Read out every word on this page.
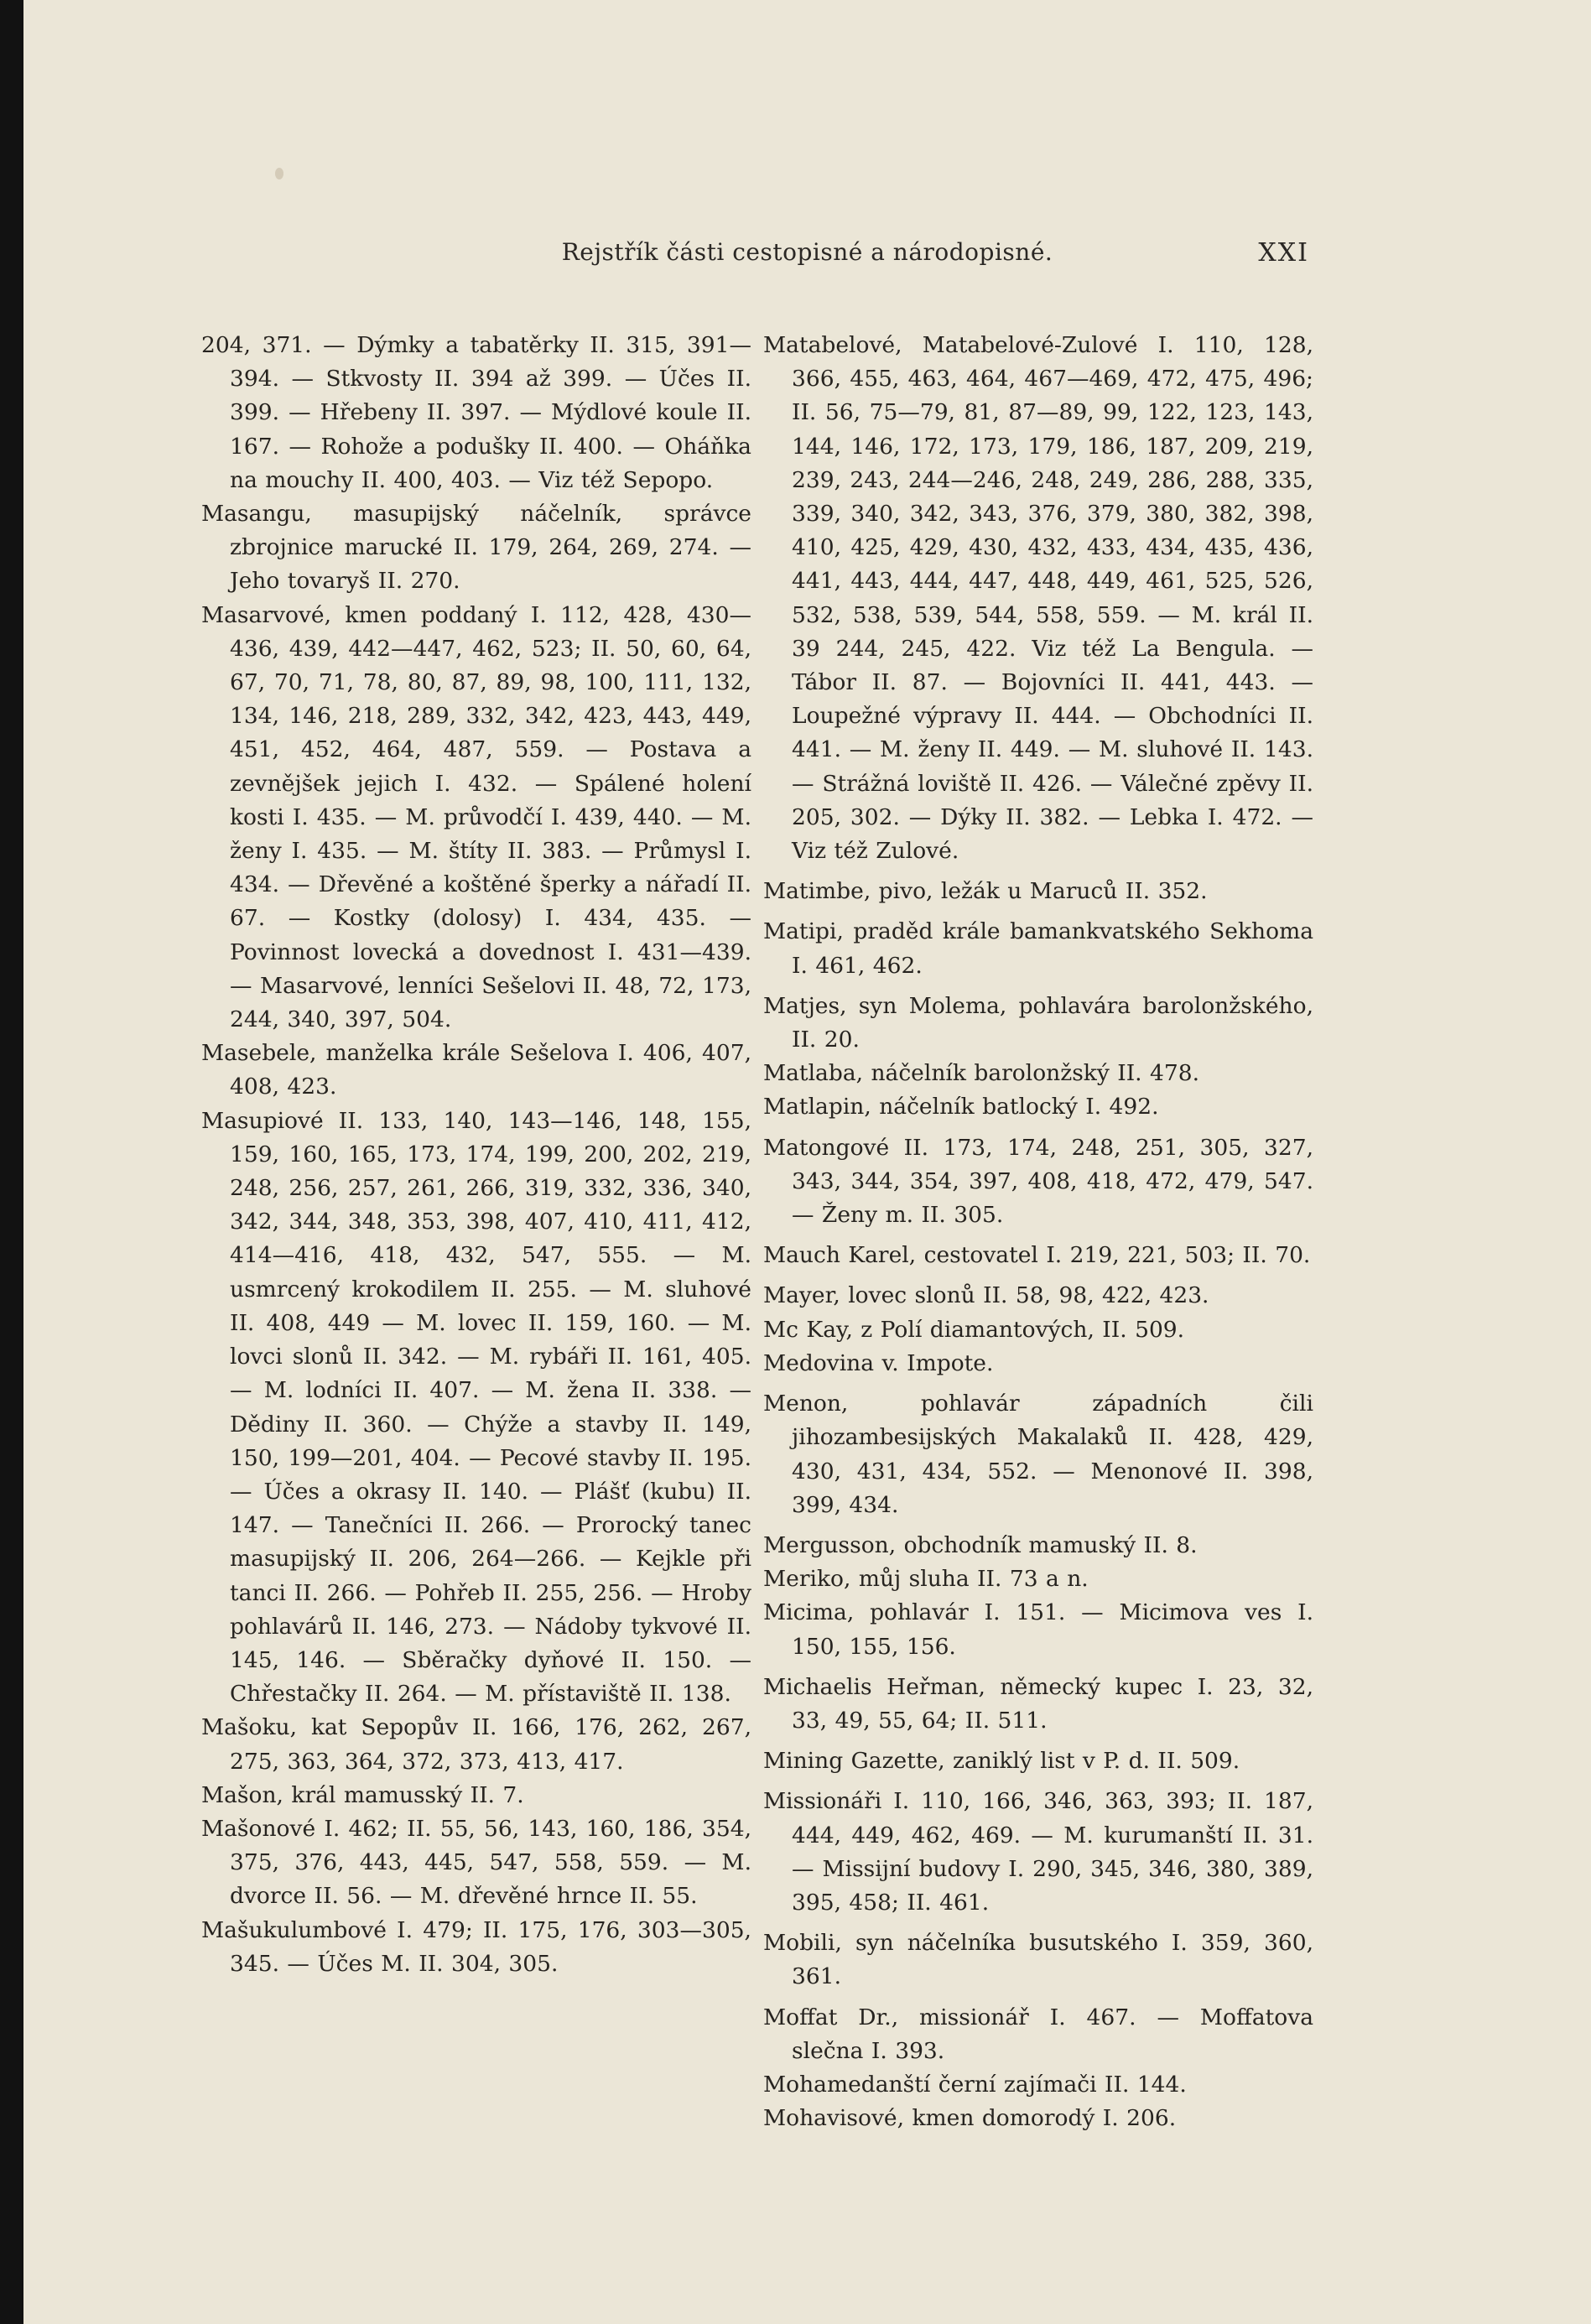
Rejstřík části cestopisné a národopisné.	XXI

204, 371. — Dýmky a tabatěrky II. 315, 391—394. — Stkvosty II. 394 až 399. — Účes II. 399. — Hřebeny II. 397. — Mýdlové koule II. 167. — Rohože a podušky II. 400. — Oháňka na mouchy II. 400, 403. — Viz též Sepopo.

Masangu, masupijský náčelník, správce zbrojnice marucké II. 179, 264, 269, 274. — Jeho tovaryš II. 270.

Masarvové, kmen poddaný I. 112, 428, 430—436, 439, 442—447, 462, 523; II. 50, 60, 64, 67, 70, 71, 78, 80, 87, 89, 98, 100, 111, 132, 134, 146, 218, 289, 332, 342, 423, 443, 449, 451, 452, 464, 487, 559. — Postava a zevnějšek jejich I. 432. — Spálené holení kosti I. 435. — M. průvodčí I. 439, 440. — M. ženy I. 435. — M. štíty II. 383. — Průmysl I. 434. — Dřevěné a koštěné šperky a nářadí II. 67. — Kostky (dolosy) I. 434, 435. — Povinnost lovecká a dovednost I. 431—439. — Masarvové, lenníci Sešelovi II. 48, 72, 173, 244, 340, 397, 504.

Masebele, manželka krále Sešelova I. 406, 407, 408, 423.

Masupiové II. 133, 140, 143—146, 148, 155, 159, 160, 165, 173, 174, 199, 200, 202, 219, 248, 256, 257, 261, 266, 319, 332, 336, 340, 342, 344, 348, 353, 398, 407, 410, 411, 412, 414—416, 418, 432, 547, 555. — M. usmrcený krokodilem II. 255. — M. sluhové II. 408, 449 — M. lovec II. 159, 160. — M. lovci slonů II. 342. — M. rybáři II. 161, 405. — M. lodníci II. 407. — M. žena II. 338. — Dědiny II. 360. — Chýže a stavby II. 149, 150, 199—201, 404. — Pecové stavby II. 195. — Účes a okrasy II. 140. — Plášť (kubu) II. 147. — Tanečníci II. 266. — Prorocký tanec masupijský II. 206, 264—266. — Kejkle při tanci II. 266. — Pohřeb II. 255, 256. — Hroby pohlavárů II. 146, 273. — Nádoby tykvové II. 145, 146. — Sběračky dyňové II. 150. — Chřestačky II. 264. — M. přístaviště II. 138.

Mašoku, kat Sepopův II. 166, 176, 262, 267, 275, 363, 364, 372, 373, 413, 417.

Mašon, král mamusský II. 7.

Mašonové I. 462; II. 55, 56, 143, 160, 186, 354, 375, 376, 443, 445, 547, 558, 559. — M. dvorce II. 56. — M. dřevěné hrnce II. 55.

Mašukulumbové I. 479; II. 175, 176, 303—305, 345. — Účes M. II. 304, 305.

Matabelové, Matabelové-Zulové I. 110, 128, 366, 455, 463, 464, 467—469, 472, 475, 496; II. 56, 75—79, 81, 87—89, 99, 122, 123, 143, 144, 146, 172, 173, 179, 186, 187, 209, 219, 239, 243, 244—246, 248, 249, 286, 288, 335, 339, 340, 342, 343, 376, 379, 380, 382, 398, 410, 425, 429, 430, 432, 433, 434, 435, 436, 441, 443, 444, 447, 448, 449, 461, 525, 526, 532, 538, 539, 544, 558, 559. — M. král II. 39 244, 245, 422. Viz též La Bengula. — Tábor II. 87. — Bojovníci II. 441, 443. — Loupežné výpravy II. 444. — Obchodníci II. 441. — M. ženy II. 449. — M. sluhové II. 143. — Strážná loviště II. 426. — Válečné zpěvy II. 205, 302. — Dýky II. 382. — Lebka I. 472. — Viz též Zulové.

Matimbe, pivo, ležák u Maruců II. 352.

Matipi, praděd krále bamankvatského Sekhoma I. 461, 462.

Matjes, syn Molema, pohlavára barolonžského, II. 20.

Matlaba, náčelník barolonžský II. 478.

Matlapin, náčelník batlocký I. 492.

Matongové II. 173, 174, 248, 251, 305, 327, 343, 344, 354, 397, 408, 418, 472, 479, 547. — Ženy m. II. 305.

Mauch Karel, cestovatel I. 219, 221, 503; II. 70.

Mayer, lovec slonů II. 58, 98, 422, 423.

Mc Kay, z Polí diamantových, II. 509.

Medovina v. Impote.

Menon, pohlavár západních čili jihozambesijských Makalaků II. 428, 429, 430, 431, 434, 552. — Menonové II. 398, 399, 434.

Mergusson, obchodník mamuský II. 8.

Meriko, můj sluha II. 73 a n.

Micima, pohlavár I. 151. — Micimova ves I. 150, 155, 156.

Michaelis Heřman, německý kupec I. 23, 32, 33, 49, 55, 64; II. 511.

Mining Gazette, zaniklý list v P. d. II. 509.

Missionáři I. 110, 166, 346, 363, 393; II. 187, 444, 449, 462, 469. — M. kurumanští II. 31. — Missijní budovy I. 290, 345, 346, 380, 389, 395, 458; II. 461.

Mobili, syn náčelníka busutského I. 359, 360, 361.

Moffat Dr., missionář I. 467. — Moffatova slečna I. 393.

Mohamedanští černí zajímači II. 144.

Mohavisové, kmen domorodý I. 206.
